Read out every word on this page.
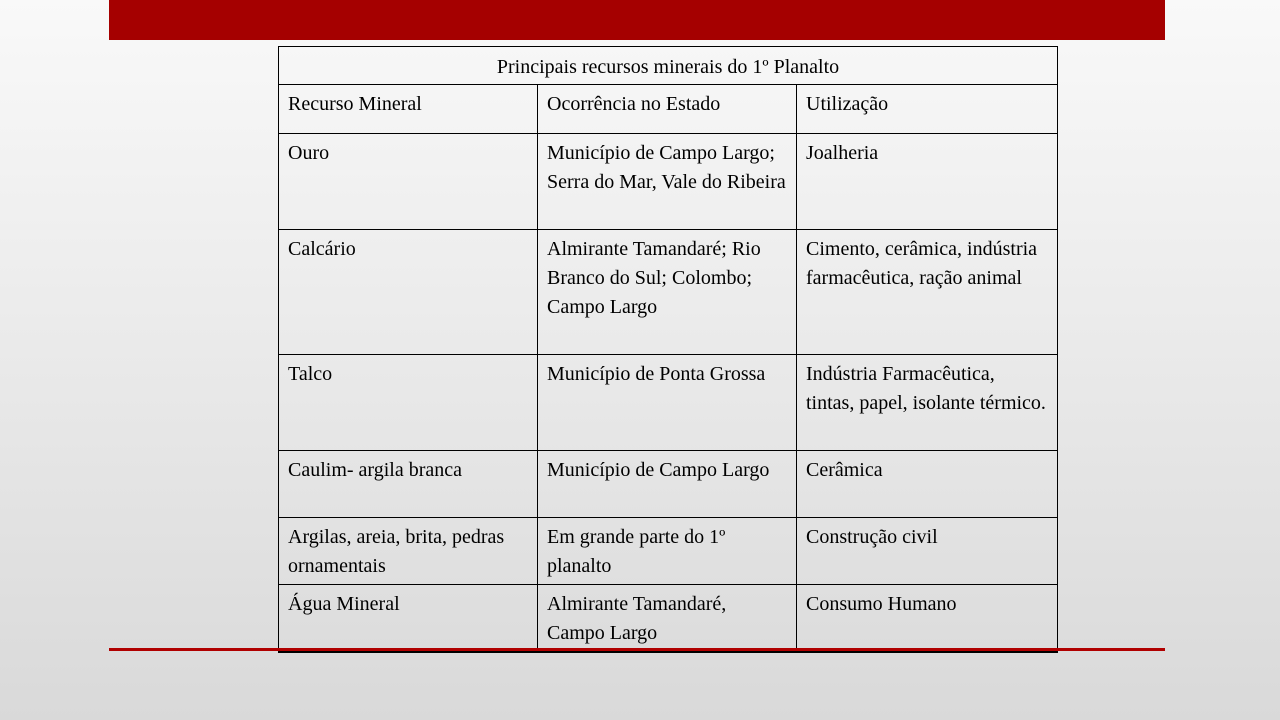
Principais recursos minerais do 1º Planalto		
Recurso Mineral	Ocorrência no Estado	Utilização
Ouro	Município de Campo Largo; Serra do Mar, Vale do Ribeira	Joalheria
Calcário	Almirante Tamandaré; Rio Branco do Sul; Colombo; Campo Largo	Cimento, cerâmica, indústria farmacêutica, ração animal
Talco	Município de Ponta Grossa	Indústria Farmacêutica, tintas, papel, isolante térmico.
Caulim- argila branca	Município de Campo Largo	Cerâmica
Argilas, areia, brita, pedras ornamentais	Em grande parte do 1º planalto	Construção civil
Água Mineral	Almirante Tamandaré, Campo Largo	Consumo Humano
